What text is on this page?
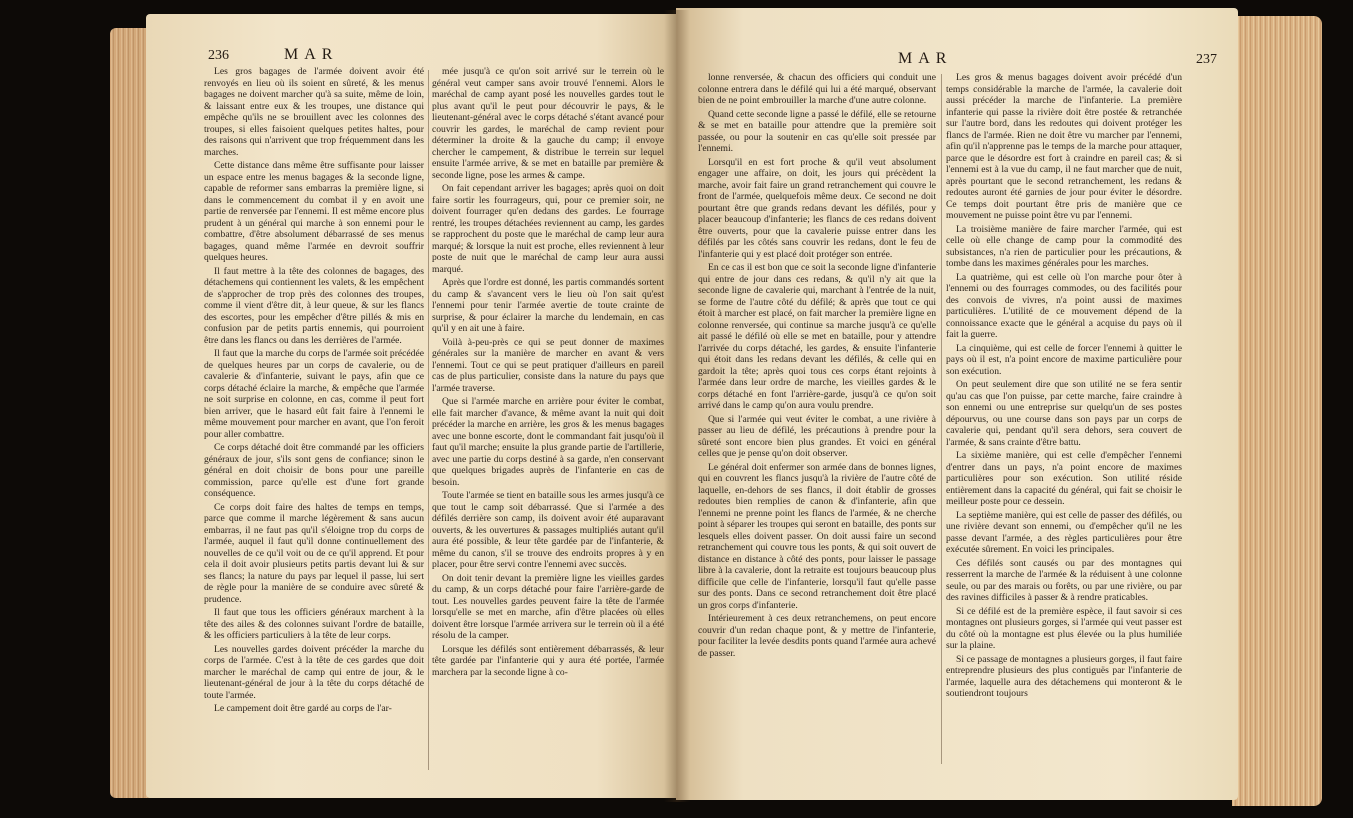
236	MAR

Les gros bagages de l'armée doivent avoir été renvoyés en lieu où ils soient en sûreté, & les menus bagages ne doivent marcher qu'à sa suite, même de loin, & laissant entre eux & les troupes, une distance qui empêche qu'ils ne se brouillent avec les colonnes des troupes, si elles faisoient quelques petites haltes, pour des raisons qui n'arrivent que trop fréquemment dans les marches.

Cette distance dans même être suffisante pour laisser un espace entre les menus bagages & la seconde ligne, capable de reformer sans embarras la première ligne, si dans le commencement du combat il y en avoit une partie de renversée par l'ennemi. Il est même encore plus prudent à un général qui marche à son ennemi pour le combattre, d'être absolument débarrassé de ses menus bagages, quand même l'armée en devroit souffrir quelques heures.

Il faut mettre à la tête des colonnes de bagages, des détachemens qui contiennent les valets, & les empêchent de s'approcher de trop près des colonnes des troupes, comme il vient d'être dit, à leur queue, & sur les flancs des escortes, pour les empêcher d'être pillés & mis en confusion par de petits partis ennemis, qui pourroient être dans les flancs ou dans les derrières de l'armée.

Il faut que la marche du corps de l'armée soit précédée de quelques heures par un corps de cavalerie, ou de cavalerie & d'infanterie, suivant le pays, afin que ce corps détaché éclaire la marche, & empêche que l'armée ne soit surprise en colonne, en cas, comme il peut fort bien arriver, que le hasard eût fait faire à l'ennemi le même mouvement pour marcher en avant, que l'on feroit pour aller combattre.

Ce corps détaché doit être commandé par les officiers généraux de jour, s'ils sont gens de confiance; sinon le général en doit choisir de bons pour une pareille commission, parce qu'elle est d'une fort grande conséquence.

Ce corps doit faire des haltes de temps en temps, parce que comme il marche légèrement & sans aucun embarras, il ne faut pas qu'il s'éloigne trop du corps de l'armée, auquel il faut qu'il donne continuellement des nouvelles de ce qu'il voit ou de ce qu'il apprend. Et pour cela il doit avoir plusieurs petits partis devant lui & sur ses flancs; la nature du pays par lequel il passe, lui sert de règle pour la manière de se conduire avec sûreté & prudence.

Il faut que tous les officiers généraux marchent à la tête des ailes & des colonnes suivant l'ordre de bataille, & les officiers particuliers à la tête de leur corps.

Les nouvelles gardes doivent précéder la marche du corps de l'armée. C'est à la tête de ces gardes que doit marcher le maréchal de camp qui entre de jour, & le lieutenant-général de jour à la tête du corps détaché de toute l'armée.

Le campement doit être gardé au corps de l'ar-

mée jusqu'à ce qu'on soit arrivé sur le terrein où le général veut camper sans avoir trouvé l'ennemi. Alors le maréchal de camp ayant posé les nouvelles gardes tout le plus avant qu'il le peut pour découvrir le pays, & le lieutenant-général avec le corps détaché s'étant avancé pour couvrir les gardes, le maréchal de camp revient pour déterminer la droite & la gauche du camp; il envoye chercher le campement, & distribue le terrein sur lequel ensuite l'armée arrive, & se met en bataille par première & seconde ligne, pose les armes & campe.

On fait cependant arriver les bagages; après quoi on doit faire sortir les fourrageurs, qui, pour ce premier soir, ne doivent fourrager qu'en dedans des gardes. Le fourrage rentré, les troupes détachées reviennent au camp, les gardes se rapprochent du poste que le maréchal de camp leur aura marqué; & lorsque la nuit est proche, elles reviennent à leur poste de nuit que le maréchal de camp leur aura aussi marqué.

Après que l'ordre est donné, les partis commandés sortent du camp & s'avancent vers le lieu où l'on sait qu'est l'ennemi pour tenir l'armée avertie de toute crainte de surprise, & pour éclairer la marche du lendemain, en cas qu'il y en ait une à faire.

Voilà à-peu-près ce qui se peut donner de maximes générales sur la manière de marcher en avant & vers l'ennemi. Tout ce qui se peut pratiquer d'ailleurs en pareil cas de plus particulier, consiste dans la nature du pays que l'armée traverse.

Que si l'armée marche en arrière pour éviter le combat, elle fait marcher d'avance, & même avant la nuit qui doit précéder la marche en arrière, les gros & les menus bagages avec une bonne escorte, dont le commandant fait jusqu'où il faut qu'il marche; ensuite la plus grande partie de l'artillerie, avec une partie du corps destiné à sa garde, n'en conservant que quelques brigades auprès de l'infanterie en cas de besoin.

Toute l'armée se tient en bataille sous les armes jusqu'à ce que tout le camp soit débarrassé. Que si l'armée a des défilés derrière son camp, ils doivent avoir été auparavant ouverts, & les ouvertures & passages multipliés autant qu'il aura été possible, & leur tête gardée par de l'infanterie, & même du canon, s'il se trouve des endroits propres à y en placer, pour être servi contre l'ennemi avec succès.

On doit tenir devant la première ligne les vieilles gardes du camp, & un corps détaché pour faire l'arrière-garde de tout. Les nouvelles gardes peuvent faire la tête de l'armée lorsqu'elle se met en marche, afin d'être placées où elles doivent être lorsque l'armée arrivera sur le terrein où il a été résolu de la camper.

Lorsque les défilés sont entièrement débarrassés, & leur tête gardée par l'infanterie qui y aura été portée, l'armée marchera par la seconde ligne à co-

MAR	237

lonne renversée, & chacun des officiers qui conduit une colonne entrera dans le défilé qui lui a été marqué, observant bien de ne point embrouiller la marche d'une autre colonne.

Quand cette seconde ligne a passé le défilé, elle se retourne & se met en bataille pour attendre que la première soit passée, ou pour la soutenir en cas qu'elle soit pressée par l'ennemi.

Lorsqu'il en est fort proche & qu'il veut absolument engager une affaire, on doit, les jours qui précèdent la marche, avoir fait faire un grand retranchement qui couvre le front de l'armée, quelquefois même deux. Ce second ne doit pourtant être que grands redans devant les défilés, pour y placer beaucoup d'infanterie; les flancs de ces redans doivent être ouverts, pour que la cavalerie puisse entrer dans les défilés par les côtés sans couvrir les redans, dont le feu de l'infanterie qui y est placé doit protéger son entrée.

En ce cas il est bon que ce soit la seconde ligne d'infanterie qui entre de jour dans ces redans, & qu'il n'y ait que la seconde ligne de cavalerie qui, marchant à l'entrée de la nuit, se forme de l'autre côté du défilé; & après que tout ce qui étoit à marcher est placé, on fait marcher la première ligne en colonne renversée, qui continue sa marche jusqu'à ce qu'elle ait passé le défilé où elle se met en bataille, pour y attendre l'arrivée du corps détaché, les gardes, & ensuite l'infanterie qui étoit dans les redans devant les défilés, & celle qui en gardoit la tête; après quoi tous ces corps étant rejoints à l'armée dans leur ordre de marche, les vieilles gardes & le corps détaché en font l'arrière-garde, jusqu'à ce qu'on soit arrivé dans le camp qu'on aura voulu prendre.

Que si l'armée qui veut éviter le combat, a une rivière à passer au lieu de défilé, les précautions à prendre pour la sûreté sont encore bien plus grandes. Et voici en général celles que je pense qu'on doit observer.

Le général doit enfermer son armée dans de bonnes lignes, qui en couvrent les flancs jusqu'à la rivière de l'autre côté de laquelle, en-dehors de ses flancs, il doit établir de grosses redoutes bien remplies de canon & d'infanterie, afin que l'ennemi ne prenne point les flancs de l'armée, & ne cherche point à séparer les troupes qui seront en bataille, des ponts sur lesquels elles doivent passer. On doit aussi faire un second retranchement qui couvre tous les ponts, & qui soit ouvert de distance en distance à côté des ponts, pour laisser le passage libre à la cavalerie, dont la retraite est toujours beaucoup plus difficile que celle de l'infanterie, lorsqu'il faut qu'elle passe sur des ponts. Dans ce second retranchement doit être placé un gros corps d'infanterie.

Intérieurement à ces deux retranchemens, on peut encore couvrir d'un redan chaque pont, & y mettre de l'infanterie, pour faciliter la levée desdits ponts quand l'armée aura achevé de passer.

Les gros & menus bagages doivent avoir précédé d'un temps considérable la marche de l'armée, la cavalerie doit aussi précéder la marche de l'infanterie. La première infanterie qui passe la rivière doit être postée & retranchée sur l'autre bord, dans les redoutes qui doivent protéger les flancs de l'armée. Rien ne doit être vu marcher par l'ennemi, afin qu'il n'apprenne pas le temps de la marche pour attaquer, parce que le désordre est fort à craindre en pareil cas; & si l'ennemi est à la vue du camp, il ne faut marcher que de nuit, après pourtant que le second retranchement, les redans & redoutes auront été garnies de jour pour éviter le désordre. Ce temps doit pourtant être pris de manière que ce mouvement ne puisse point être vu par l'ennemi.

La troisième manière de faire marcher l'armée, qui est celle où elle change de camp pour la commodité des subsistances, n'a rien de particulier pour les précautions, & tombe dans les maximes générales pour les marches.

La quatrième, qui est celle où l'on marche pour ôter à l'ennemi ou des fourrages commodes, ou des facilités pour des convois de vivres, n'a point aussi de maximes particulières. L'utilité de ce mouvement dépend de la connoissance exacte que le général a acquise du pays où il fait la guerre.

La cinquième, qui est celle de forcer l'ennemi à quitter le pays où il est, n'a point encore de maxime particulière pour son exécution.

On peut seulement dire que son utilité ne se fera sentir qu'au cas que l'on puisse, par cette marche, faire craindre à son ennemi ou une entreprise sur quelqu'un de ses postes dépourvus, ou une course dans son pays par un corps de cavalerie qui, pendant qu'il sera dehors, sera couvert de l'armée, & sans crainte d'être battu.

La sixième manière, qui est celle d'empêcher l'ennemi d'entrer dans un pays, n'a point encore de maximes particulières pour son exécution. Son utilité réside entièrement dans la capacité du général, qui fait se choisir le meilleur poste pour ce dessein.

La septième manière, qui est celle de passer des défilés, ou une rivière devant son ennemi, ou d'empêcher qu'il ne les passe devant l'armée, a des règles particulières pour être exécutée sûrement. En voici les principales.

Ces défilés sont causés ou par des montagnes qui resserrent la marche de l'armée & la réduisent à une colonne seule, ou par des marais ou forêts, ou par une rivière, ou par des ravines difficiles à passer & à rendre praticables.

Si ce défilé est de la première espèce, il faut savoir si ces montagnes ont plusieurs gorges, si l'armée qui veut passer est du côté où la montagne est plus élevée ou la plus humiliée sur la plaine.

Si ce passage de montagnes a plusieurs gorges, il faut faire entreprendre plusieurs des plus contiguës par l'infanterie de l'armée, laquelle aura des détachemens qui monteront & le soutiendront toujours
